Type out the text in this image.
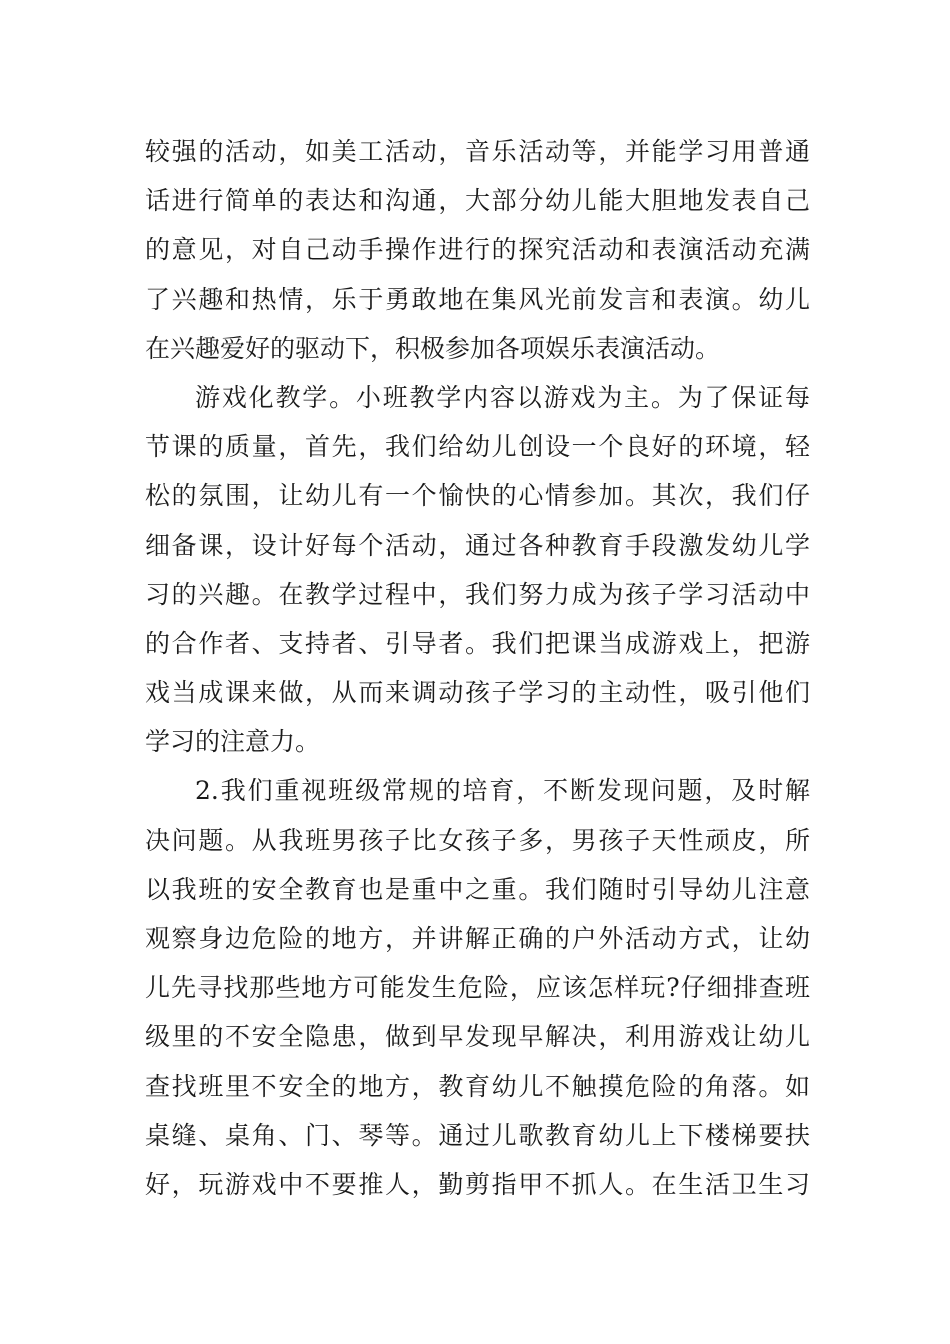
较强的活动，如美工活动，音乐活动等，并能学习用普通
话进行简单的表达和沟通，大部分幼儿能大胆地发表自己
的意见，对自己动手操作进行的探究活动和表演活动充满
了兴趣和热情，乐于勇敢地在集风光前发言和表演。幼儿
在兴趣爱好的驱动下，积极参加各项娱乐表演活动。
游戏化教学。小班教学内容以游戏为主。为了保证每
节课的质量，首先，我们给幼儿创设一个良好的环境，轻
松的氛围，让幼儿有一个愉快的心情参加。其次，我们仔
细备课，设计好每个活动，通过各种教育手段激发幼儿学
习的兴趣。在教学过程中，我们努力成为孩子学习活动中
的合作者、支持者、引导者。我们把课当成游戏上，把游
戏当成课来做，从而来调动孩子学习的主动性，吸引他们
学习的注意力。
2.我们重视班级常规的培育，不断发现问题，及时解
决问题。从我班男孩子比女孩子多，男孩子天性顽皮，所
以我班的安全教育也是重中之重。我们随时引导幼儿注意
观察身边危险的地方，并讲解正确的户外活动方式，让幼
儿先寻找那些地方可能发生危险，应该怎样玩?仔细排查班
级里的不安全隐患，做到早发现早解决，利用游戏让幼儿
查找班里不安全的地方，教育幼儿不触摸危险的角落。如
桌缝、桌角、门、琴等。通过儿歌教育幼儿上下楼梯要扶
好，玩游戏中不要推人，勤剪指甲不抓人。在生活卫生习
